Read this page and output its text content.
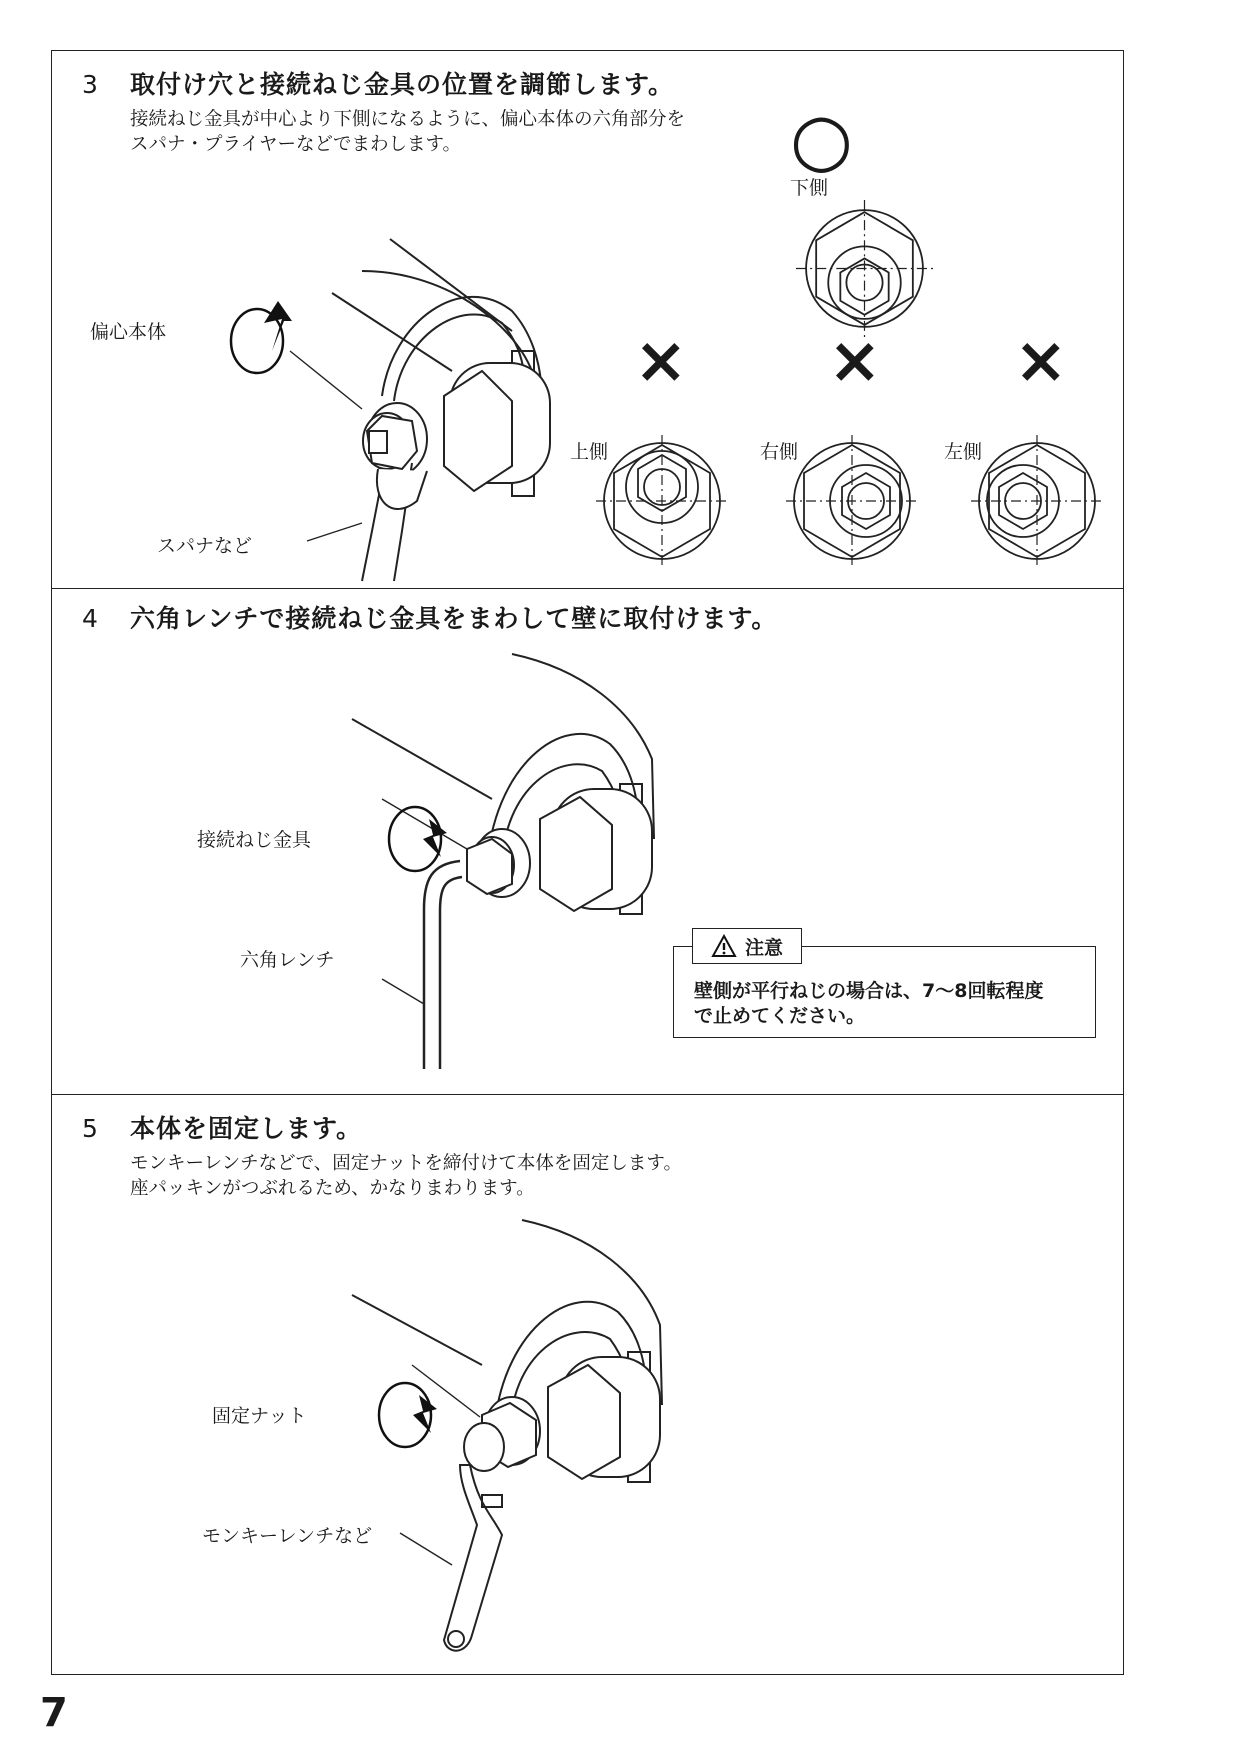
3 取付け穴と接続ねじ金具の位置を調節します。
接続ねじ金具が中心より下側になるように、偏心本体の六角部分を
スパナ・プライヤーなどでまわします。
偏心本体
スパナなど
○
下側
×
上側
×
右側
×
左側
4 六角レンチで接続ねじ金具をまわして壁に取付けます。
接続ねじ金具
六角レンチ
注意
壁側が平行ねじの場合は、7〜8回転程度
で止めてください。
5 本体を固定します。
モンキーレンチなどで、固定ナットを締付けて本体を固定します。
座パッキンがつぶれるため、かなりまわります。
固定ナット
モンキーレンチなど
7
